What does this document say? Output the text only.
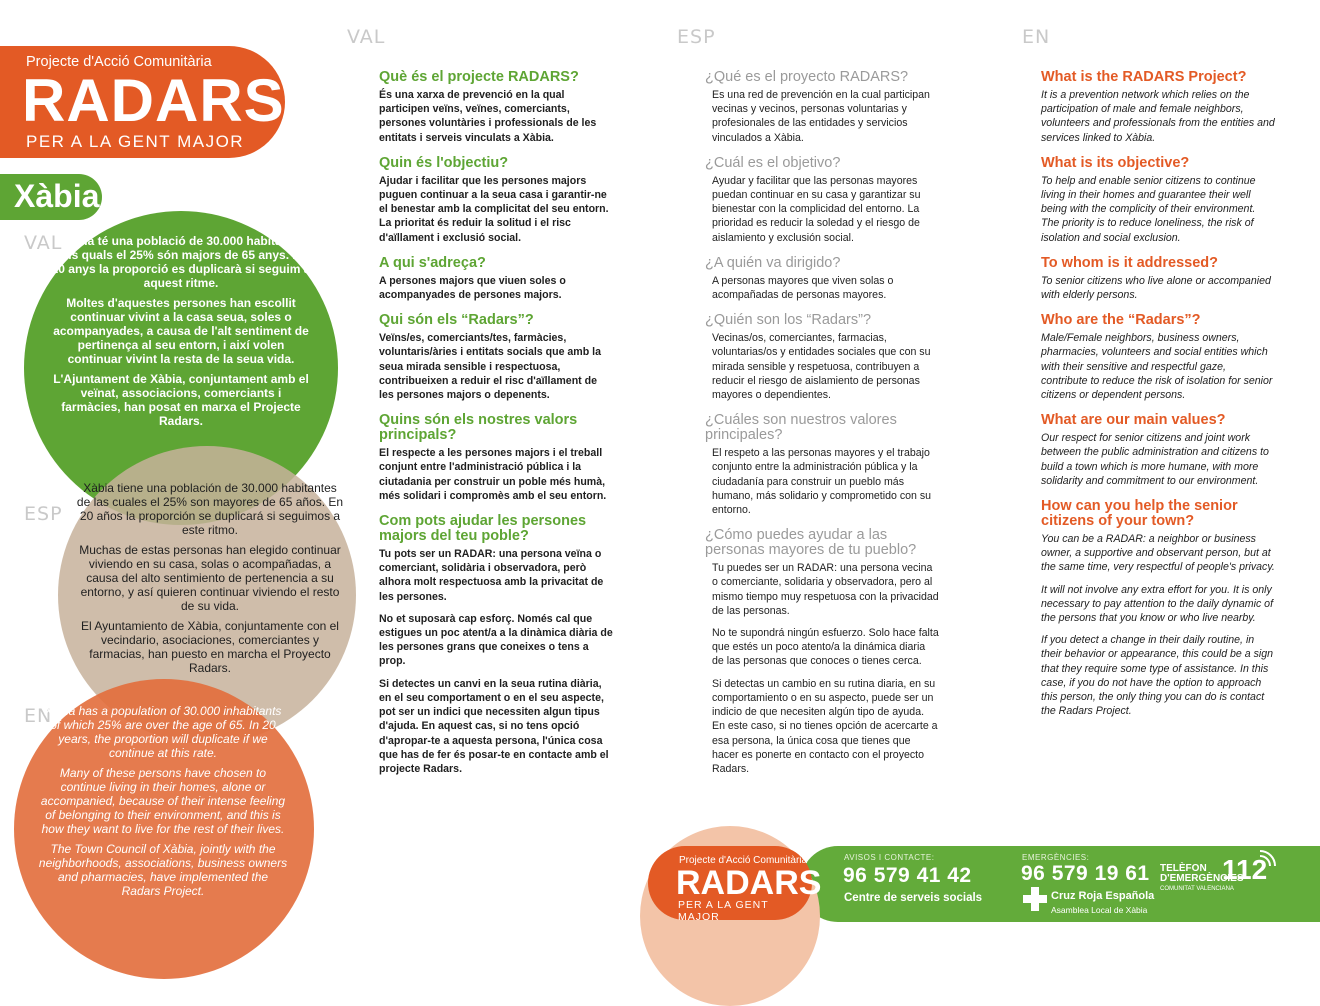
VAL	ESP	EN
Projecte d'Acció Comunitària
RADARS
PER A LA GENT MAJOR
Xàbia
VAL
ESP
EN

Xàbia té una població de 30.000 habitants dels quals el 25% són majors de 65 anys. En 20 anys la proporció es duplicarà si seguim a aquest ritme.

Moltes d'aquestes persones han escollit continuar vivint a la casa seua, soles o acompanyades, a causa de l'alt sentiment de pertinença al seu entorn, i així volen continuar vivint la resta de la seua vida.

L'Ajuntament de Xàbia, conjuntament amb el veïnat, associacions, comerciants i farmàcies, han posat en marxa el Projecte Radars.

Xàbia tiene una población de 30.000 habitantes de las cuales el 25% son mayores de 65 años. En 20 años la proporción se duplicará si seguimos a este ritmo.

Muchas de estas personas han elegido continuar viviendo en su casa, solas o acompañadas, a causa del alto sentimiento de pertenencia a su entorno, y así quieren continuar viviendo el resto de su vida.

El Ayuntamiento de Xàbia, conjuntamente con el vecindario, asociaciones, comerciantes y farmacias, han puesto en marcha el Proyecto Radars.

Xàbia has a population of 30.000 inhabitants of which 25% are over the age of 65. In 20 years, the proportion will duplicate if we continue at this rate.

Many of these persons have chosen to continue living in their homes, alone or accompanied, because of their intense feeling of belonging to their environment, and this is how they want to live for the rest of their lives.

The Town Council of Xàbia, jointly with the neighborhoods, associations, business owners and pharmacies, have implemented the Radars Project.

Què és el projecte RADARS?

És una xarxa de prevenció en la qual participen veïns, veïnes, comerciants, persones voluntàries i professionals de les entitats i serveis vinculats a Xàbia.

Quin és l'objectiu?

Ajudar i facilitar que les persones majors puguen continuar a la seua casa i garantir-ne el benestar amb la complicitat del seu entorn. La prioritat és reduir la solitud i el risc d'aïllament i exclusió social.

A qui s'adreça?

A persones majors que viuen soles o acompanyades de persones majors.

Qui són els “Radars”?

Veïns/es, comerciants/tes, farmàcies, voluntaris/àries i entitats socials que amb la seua mirada sensible i respectuosa, contribueixen a reduir el risc d'aïllament de les persones majors o depenents.

Quins són els nostres valors principals?

El respecte a les persones majors i el treball conjunt entre l'administració pública i la ciutadania per construir un poble més humà, més solidari i compromès amb el seu entorn.

Com pots ajudar les persones majors del teu poble?

Tu pots ser un RADAR: una persona veïna o comerciant, solidària i observadora, però alhora molt respectuosa amb la privacitat de les persones.

No et suposarà cap esforç. Només cal que estigues un poc atent/a a la dinàmica diària de les persones grans que coneixes o tens a prop.

Si detectes un canvi en la seua rutina diària, en el seu comportament o en el seu aspecte, pot ser un indici que necessiten algun tipus d'ajuda. En aquest cas, si no tens opció d'apropar-te a aquesta persona, l'única cosa que has de fer és posar-te en contacte amb el projecte Radars.

¿Qué es el proyecto RADARS?

Es una red de prevención en la cual participan vecinas y vecinos, personas voluntarias y profesionales de las entidades y servicios vinculados a Xàbia.

¿Cuál es el objetivo?

Ayudar y facilitar que las personas mayores puedan continuar en su casa y garantizar su bienestar con la complicidad del entorno. La prioridad es reducir la soledad y el riesgo de aislamiento y exclusión social.

¿A quién va dirigido?

A personas mayores que viven solas o acompañadas de personas mayores.

¿Quién son los “Radars”?

Vecinas/os, comerciantes, farmacias, voluntarias/os y entidades sociales que con su mirada sensible y respetuosa, contribuyen a reducir el riesgo de aislamiento de personas mayores o dependientes.

¿Cuáles son nuestros valores principales?

El respeto a las personas mayores y el trabajo conjunto entre la administración pública y la ciudadanía para construir un pueblo más humano, más solidario y comprometido con su entorno.

¿Cómo puedes ayudar a las personas mayores de tu pueblo?

Tu puedes ser un RADAR: una persona vecina o comerciante, solidaria y observadora, pero al mismo tiempo muy respetuosa con la privacidad de las personas.

No te supondrá ningún esfuerzo. Solo hace falta que estés un poco atento/a la dinámica diaria de las personas que conoces o tienes cerca.

Si detectas un cambio en su rutina diaria, en su comportamiento o en su aspecto, puede ser un indicio de que necesiten algún tipo de ayuda. En este caso, si no tienes opción de acercarte a esa persona, la única cosa que tienes que hacer es ponerte en contacto con el proyecto Radars.

What is the RADARS Project?

It is a prevention network which relies on the participation of male and female neighbors, volunteers and professionals from the entities and services linked to Xàbia.

What is its objective?

To help and enable senior citizens to continue living in their homes and guarantee their well being with the complicity of their environment. The priority is to reduce loneliness, the risk of isolation and social exclusion.

To whom is it addressed?

To senior citizens who live alone or accompanied with elderly persons.

Who are the “Radars”?

Male/Female neighbors, business owners, pharmacies, volunteers and social entities which with their sensitive and respectful gaze, contribute to reduce the risk of isolation for senior citizens or dependent persons.

What are our main values?

Our respect for senior citizens and joint work between the public administration and citizens to build a town which is more humane, with more solidarity and commitment to our environment.

How can you help the senior citizens of your town?

You can be a RADAR: a neighbor or business owner, a supportive and observant person, but at the same time, very respectful of people's privacy.

It will not involve any extra effort for you. It is only necessary to pay attention to the daily dynamic of the persons that you know or who live nearby.

If you detect a change in their daily routine, in their behavior or appearance, this could be a sign that they require some type of assistance. In this case, if you do not have the option to approach this person, the only thing you can do is contact the Radars Project.

Projecte d'Acció Comunitària
RADARS
PER A LA GENT MAJOR
AVISOS I CONTACTE:
96 579 41 42
Centre de serveis socials
EMERGÈNCIES:
96 579 19 61
Cruz Roja Española
Asamblea Local de Xàbia
TELÈFON
D'EMERGÈNCIES
COMUNITAT VALENCIANA
112
